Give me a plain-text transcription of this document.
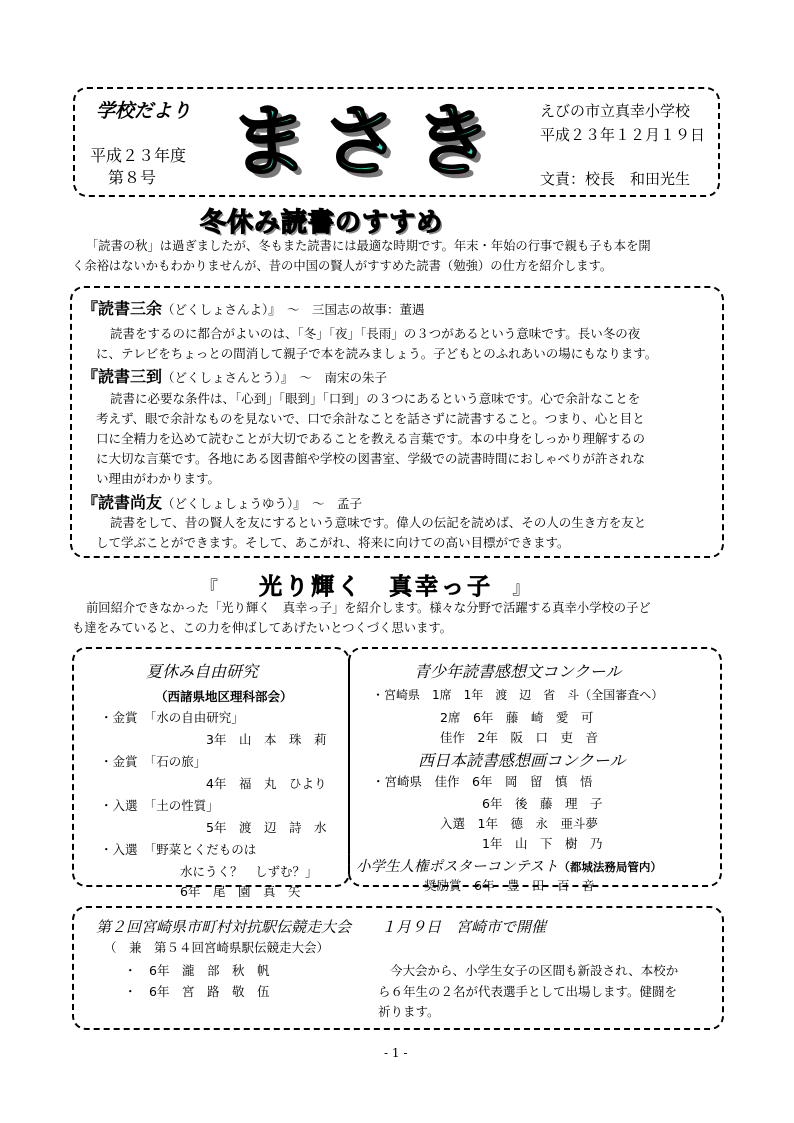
学校だより
平成２３年度
第８号 まさき えびの市立真幸小学校
平成２３年１２月１９日
文責：校長　和田光生
冬休み読書のすすめ
「読書の秋」は過ぎましたが、冬もまた読書には最適な時期です。年末・年始の行事で親も子も本を開
く余裕はないかもわかりませんが、昔の中国の賢人がすすめた読書（勉強）の仕方を紹介します。
『読書三余（どくしょさんよ）』　～　三国志の故事：董遇
読書をするのに都合がよいのは、「冬」「夜」「長雨」の３つがあるという意味です。長い冬の夜
に、テレビをちょっとの間消して親子で本を読みましょう。子どもとのふれあいの場にもなります。
『読書三到（どくしょさんとう）』　～　南宋の朱子
読書に必要な条件は、「心到」「眼到」「口到」の３つにあるという意味です。心で余計なことを
考えず、眼で余計なものを見ないで、口で余計なことを話さずに読書すること。つまり、心と目と
口に全精力を込めて読むことが大切であることを教える言葉です。本の中身をしっかり理解するの
に大切な言葉です。各地にある図書館や学校の図書室、学級での読書時間におしゃべりが許されな
い理由がわかります。
『読書尚友（どくしょしょうゆう）』　～　孟子
読書をして、昔の賢人を友にするという意味です。偉人の伝記を読めば、その人の生き方を友と
して学ぶことができます。そして、あこがれ、将来に向けての高い目標ができます。
『 光り輝く　真幸っ子 』
前回紹介できなかった「光り輝く　真幸っ子」を紹介します。様々な分野で活躍する真幸小学校の子ど
も達をみていると、この力を伸ばしてあげたいとつくづく思います。
夏休み自由研究
（西諸県地区理科部会）
・金賞　「水の自由研究」
3年　山　本　珠　莉
・金賞　「石の旅」
4年　福　丸　ひより
・入選　「土の性質」
5年　渡　辺　詩　水
・入選　「野菜とくだものは
水にうく？　しずむ？」
6年　尾　園　真　矢
青少年読書感想文コンクール
・宮崎県　1席　1年　渡　辺　省　斗（全国審査へ）
2席　6年　藤　崎　愛　可
佳作　2年　阪　口　吏　音
西日本読書感想画コンクール
・宮崎県　佳作　6年　岡　留　慎　悟
6年　後　藤　理　子
入選　1年　德　永　亜斗夢
1年　山　下　樹　乃
小学生人権ポスターコンテスト（都城法務局管内）
奨励賞　6年　豊　田　百　音
第２回宮崎県市町村対抗駅伝競走大会　　１月９日　宮崎市で開催
（　兼　第５４回宮崎県駅伝競走大会）
・　6年　瀧　部　秋　帆
・　6年　宮　路　敬　伍
今大会から、小学生女子の区間も新設され、本校か
ら６年生の２名が代表選手として出場します。健闘を
祈ります。
- 1 -
